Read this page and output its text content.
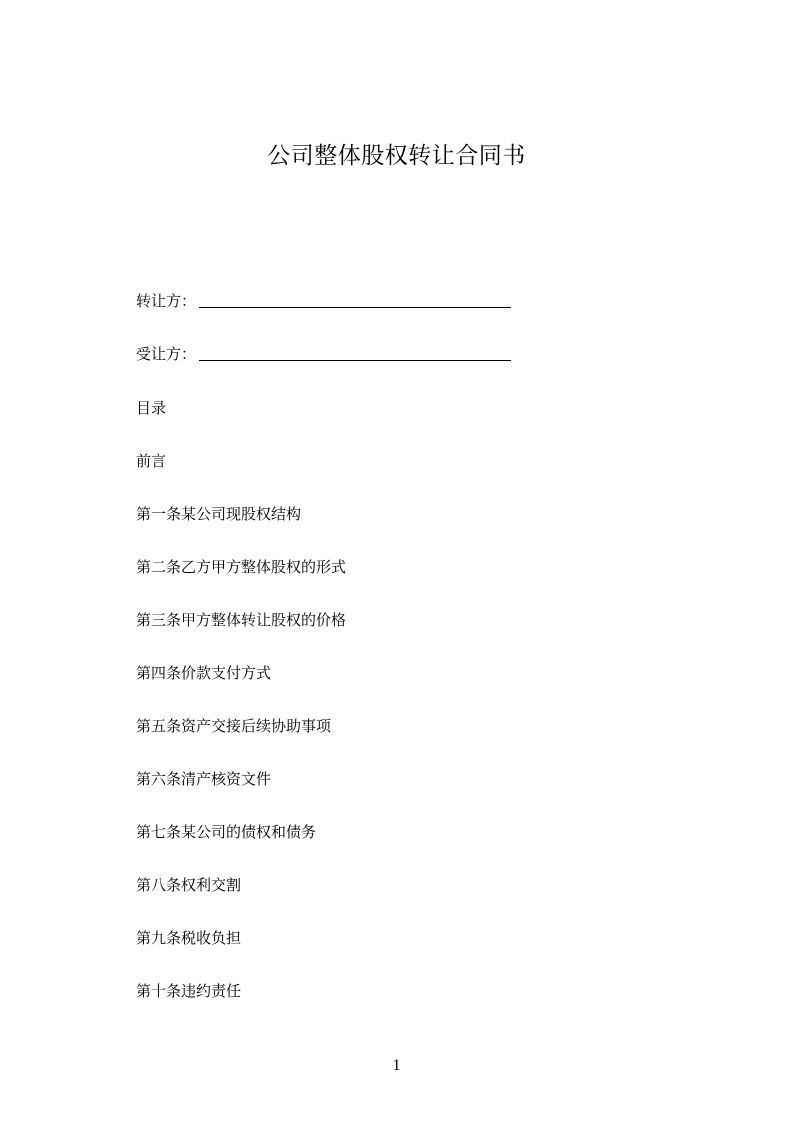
公司整体股权转让合同书
转让方：
受让方：
目录
前言
第一条某公司现股权结构
第二条乙方甲方整体股权的形式
第三条甲方整体转让股权的价格
第四条价款支付方式
第五条资产交接后续协助事项
第六条清产核资文件
第七条某公司的债权和债务
第八条权利交割
第九条税收负担
第十条违约责任
1
